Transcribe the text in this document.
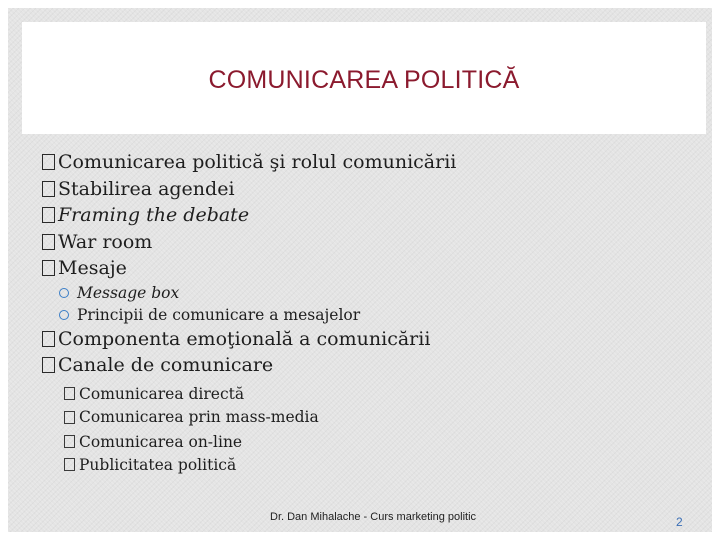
COMUNICAREA POLITICĂ
Comunicarea politică şi rolul comunicării
Stabilirea agendei
Framing the debate
War room
Mesaje
Message box
Principii de comunicare a mesajelor
Componenta emoţională a comunicării
Canale de comunicare
Comunicarea directă
Comunicarea prin mass-media
Comunicarea on-line
Publicitatea politică
Dr. Dan Mihalache - Curs marketing politic	2
